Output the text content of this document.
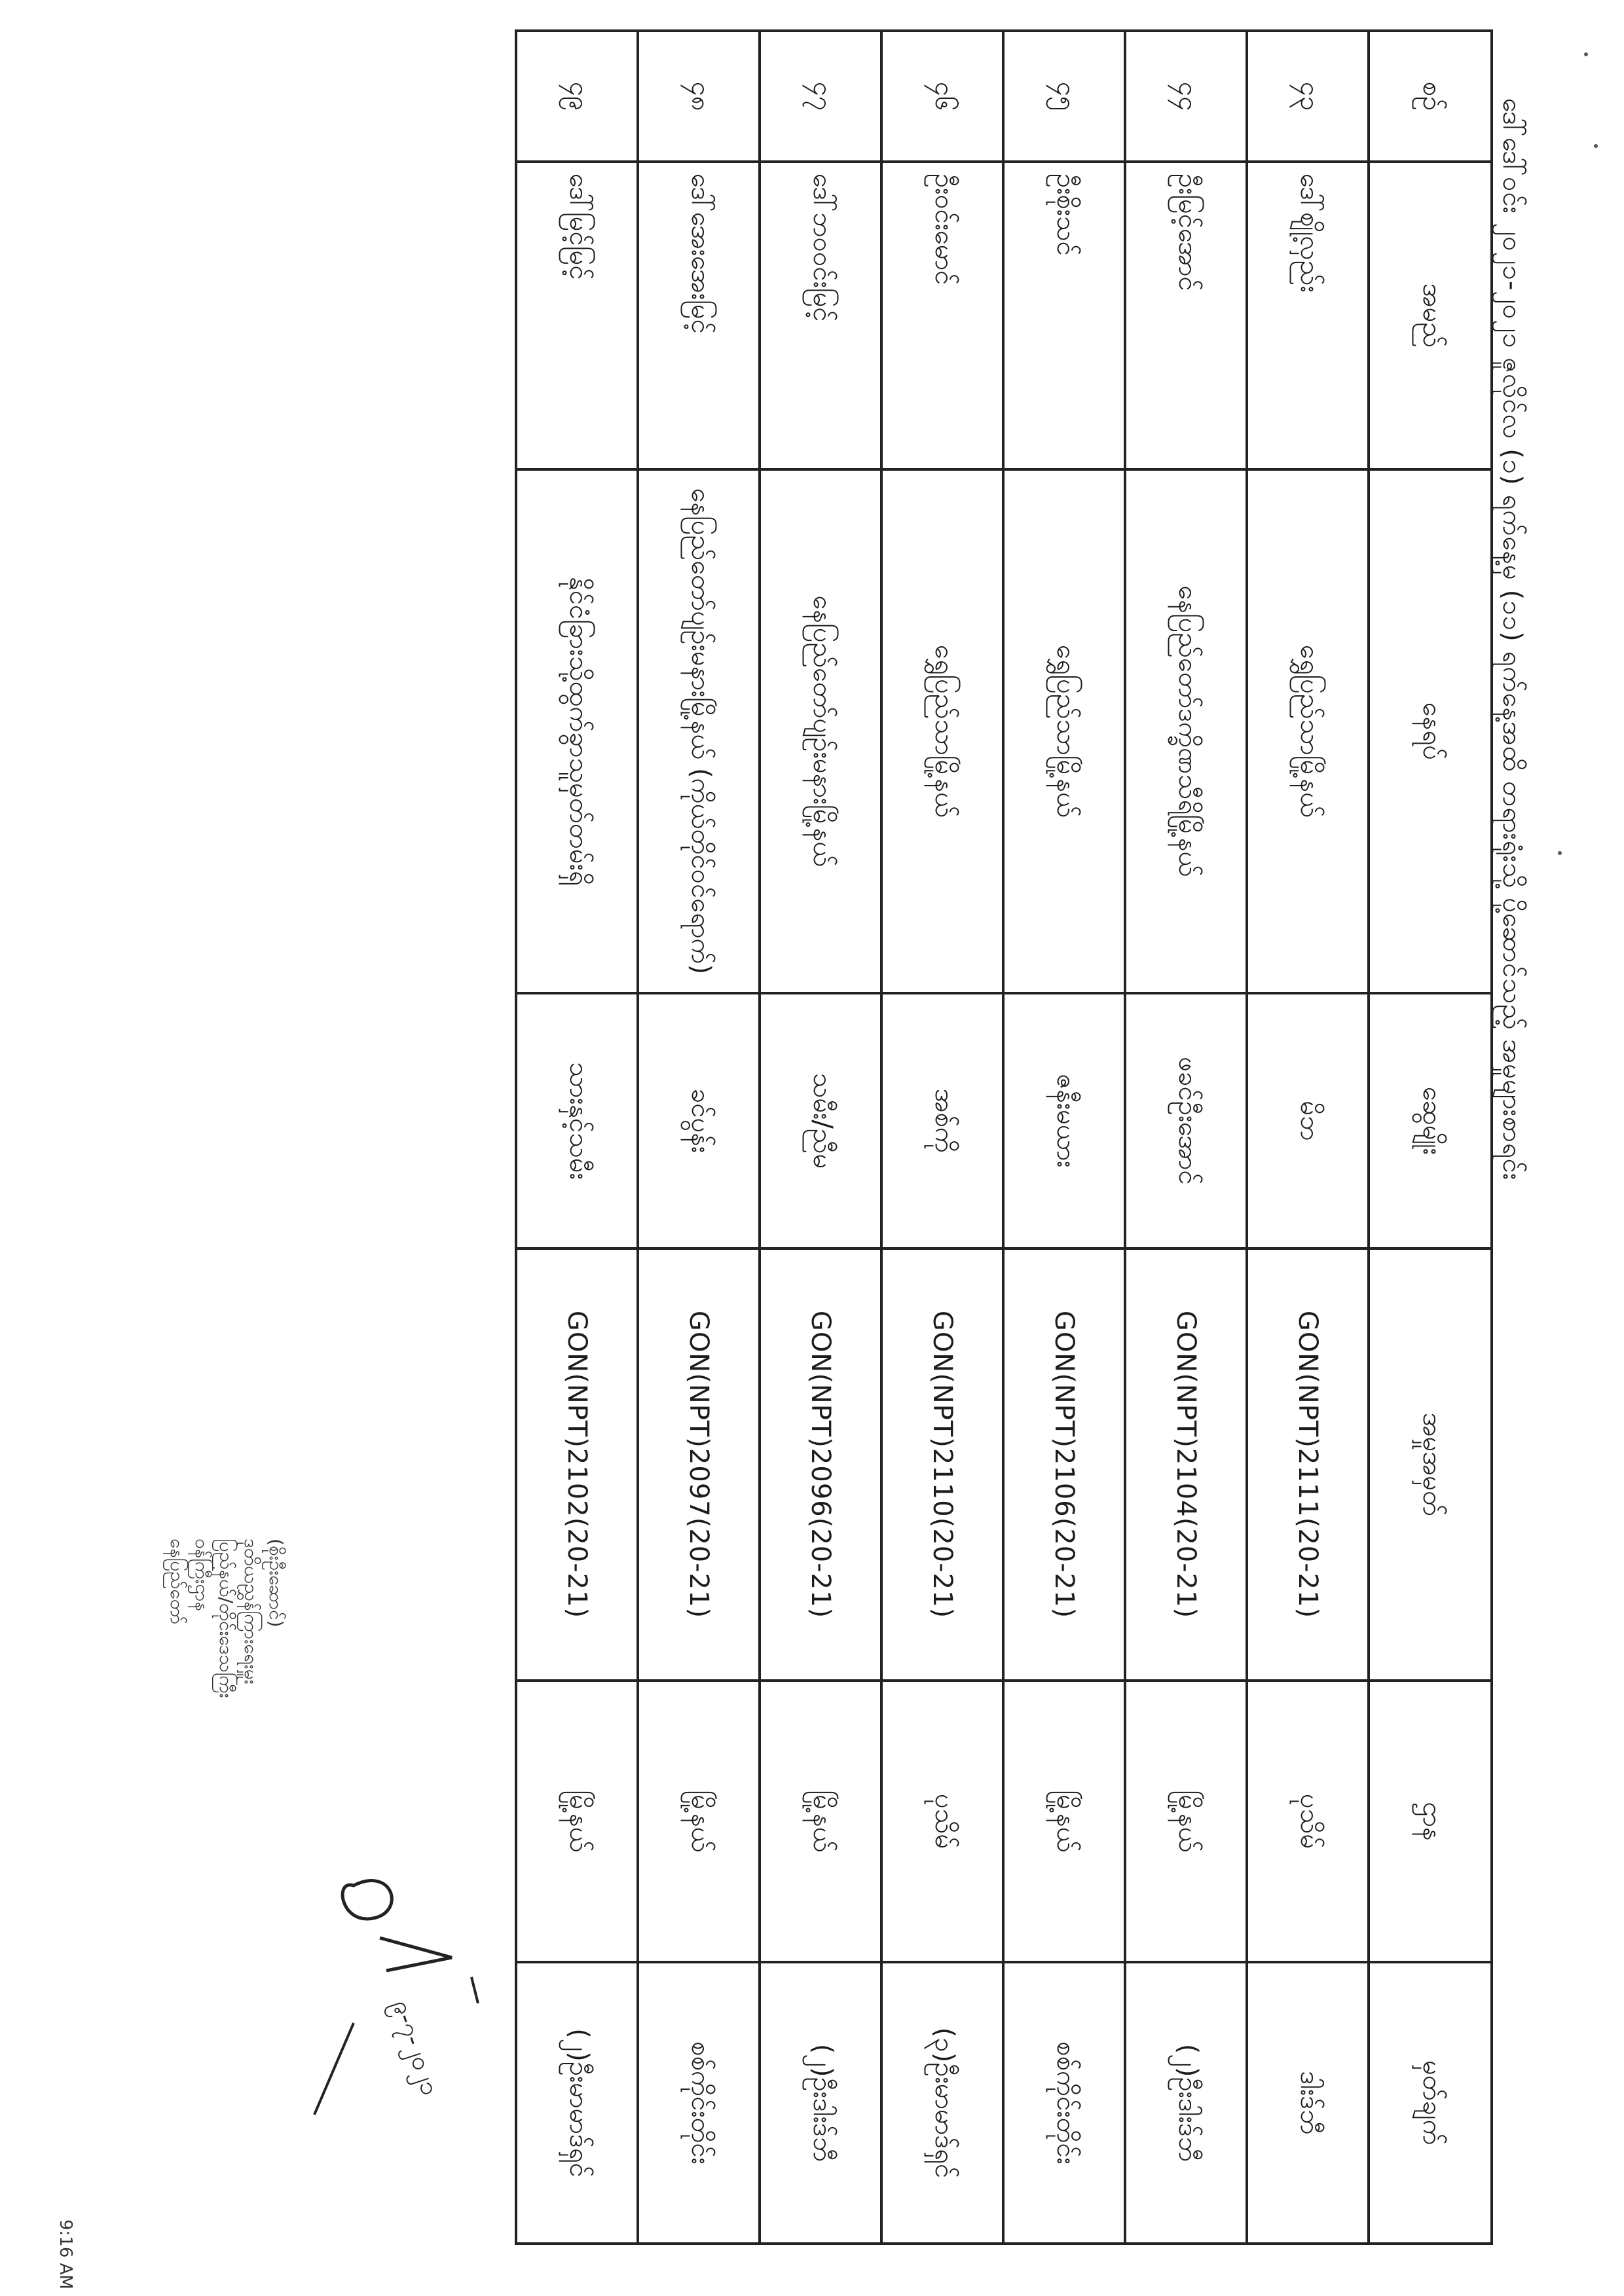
9:16 AM
ဒေါ်ဒေါ်ဝင်း ၂၀၂၁-၂၀၂၁ ဇူလိုင်လ (၁) ရက်နေ့မှ (၁၁) ရက်နေ့အထိ တရားရုံးသို့ ပို့ဆောင်သည့် အမှုများစာရင်း
စဉ်	အမည်	နေရပ်	ဆွေမျိုး	အမှုအမှတ်	ဌာန	မှတ်ချက်
၄၃	ဒေါ်ဈို့လှည်း	ရွှေပြည်သာမြို့နယ်	မိဘ	GON(NPT)2111(20-21)	ပုသိမ်	ဒါးဒ်ဘီ
၄၄	ဦးမြင့်အောင်	နေပြည်တော်ဒက္ခိဏသီရိမြို့နယ်	ဖခင်ဦးအောင်	GON(NPT)2104(20-21)	မြို့နယ်	(၂)ဦးဒါးဒ်ဘီ
၄၅	ဦးစိုးသင်	ရွှေပြည်သာမြို့နယ်	ဇနီးမယား	GON(NPT)2106(20-21)	မြို့နယ်	စစ်ကိုင်းတိုင်း
၄၆	ဦးဝင်းမောင်	ရွှေပြည်သာမြို့နယ်	အစ်ကို	GON(NPT)2110(20-21)	ပုသိမ်	(၃)ဦးမာမာဒ်ရှင်
၄၇	ဒေါ်ဘဝဝင်းမြင့်	နေပြည်တော်ပျဉ်းမနားမြို့နယ်	သမီး/ညီမ	GON(NPT)2096(20-21)	မြို့နယ်	(၂)ဦးဒါးဒ်ဘီ
၄၈	ဒေါ်အေးအေးမြင့်	နေပြည်တော်ပျဉ်းမနားမြို့နယ် (ကိုယ်တိုင်ဝင်ရောက်)	ခင်ပွန်း	GON(NPT)2097(20-21)	မြို့နယ်	စစ်ကိုင်းတိုင်း
၄၉	ဒေါ်မြင့်မြင့်	နိုင်ငံခြားသို့ထွက်ခွာသူမှတ်တမ်းရှိ	သားနှင့်သမီး	GON(NPT)2102(20-21)	မြို့နယ်	(၂)ဦးမာမာဒ်ရှင်
(စိုးဦးဆောင်)
ဒုတိယညွှန်ကြားရေးမှူး
ပြည်နယ်/တိုင်းဒေသကြီး
ဝန်ကြီးဌာန
နေပြည်တော်
၉-၇-၂၀၂၁
